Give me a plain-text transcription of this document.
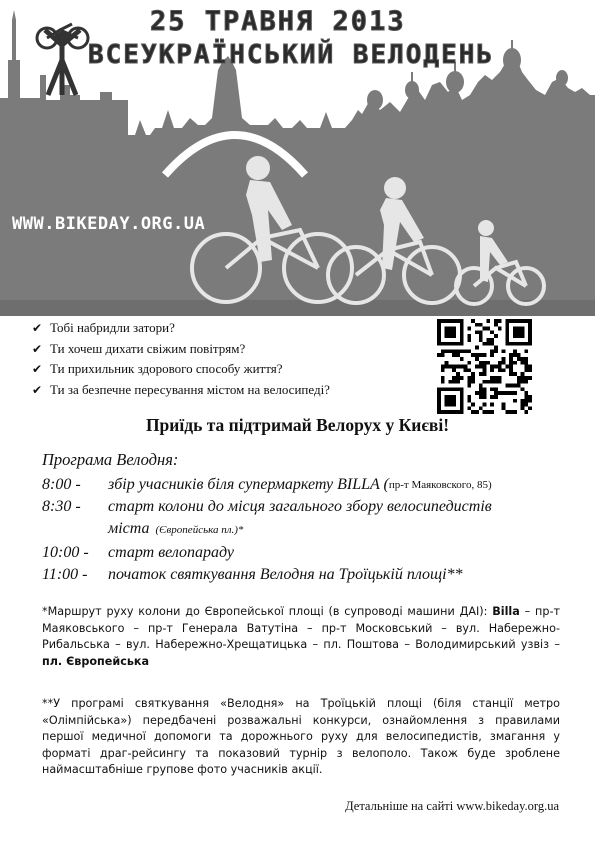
25 ТРАВНЯ 2013
ВСЕУКРАЇНСЬКИЙ ВЕЛОДЕНЬ
WWW.BIKEDAY.ORG.UA
✔ Тобі набридли затори?
✔ Ти хочеш дихати свіжим повітрям?
✔ Ти прихильник здорового способу життя?
✔ Ти за безпечне пересування містом на велосипеді?
Приїдь та підтримай Велорух у Києві!
Програма Велодня:
8:00 -	збір учасників біля супермаркету BILLA ( пр-т Маяковского, 85)
8:30 -	старт колони до місця загального збору велосипедистів
міста (Європейська пл.)*
10:00 -	старт велопараду
11:00 -	початок святкування Велодня на Троїцькій площі**
*Маршрут руху колони до Європейської площі (в супроводі машини ДАІ): Billa – пр-т Маяковського – пр-т Генерала Ватутіна – пр-т Московський – вул. Набережно-Рибальська – вул. Набережно-Хрещатицька – пл. Поштова – Володимирський узвіз – пл. Європейська
**У програмі святкування «Велодня» на Троїцькій площі (біля станції метро «Олімпійська») передбачені розважальні конкурси, ознайомлення з правилами першої медичної допомоги та дорожнього руху для велосипедистів, змагання у форматі драг-рейсингу та показовий турнір з велополо. Також буде зроблене наймасштабніше групове фото учасників акції.
Детальніше на сайті www.bikeday.org.ua
